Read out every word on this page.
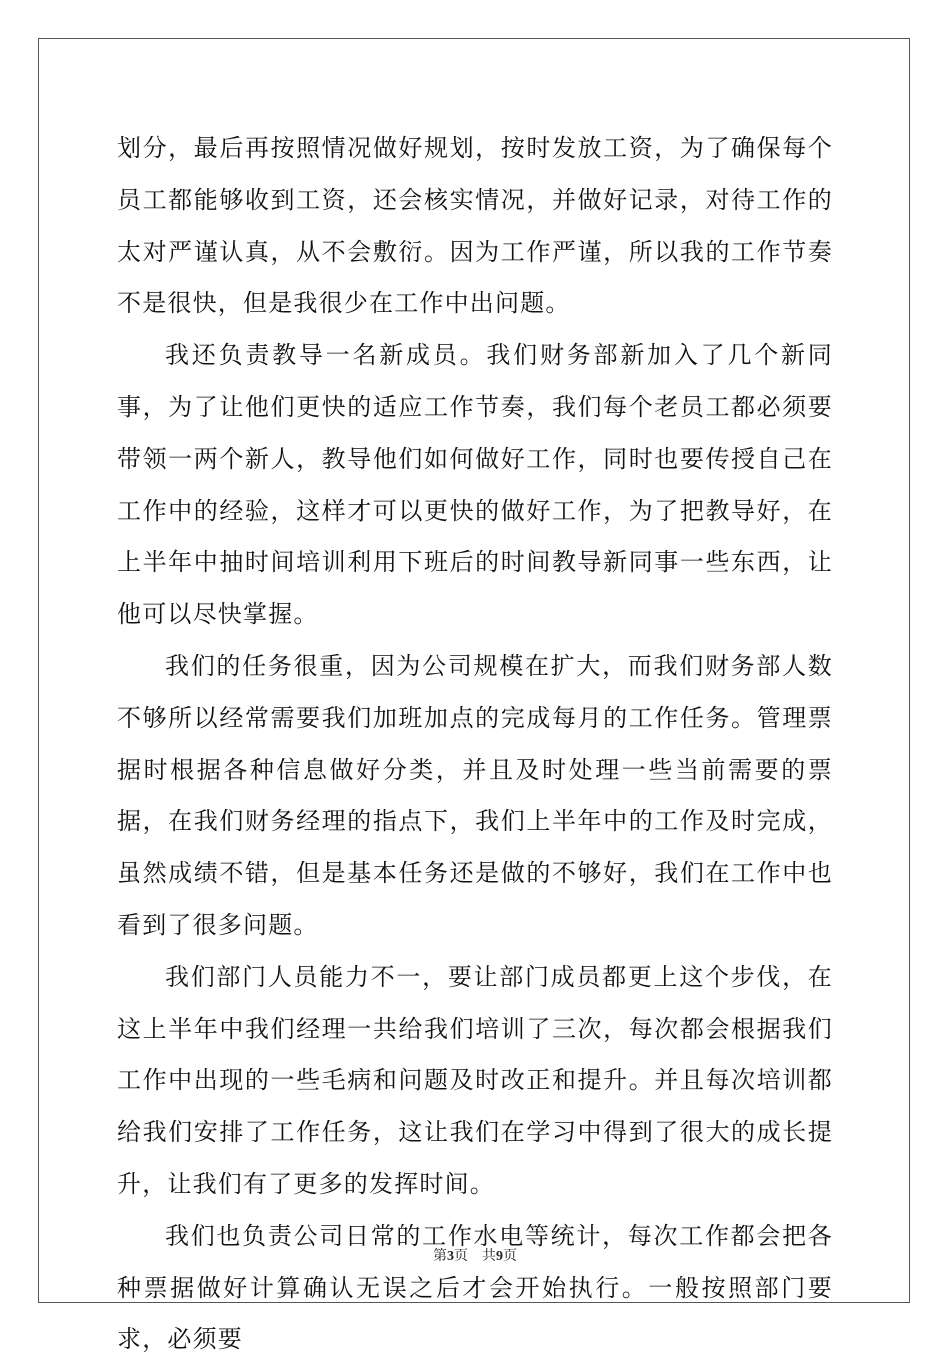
划分，最后再按照情况做好规划，按时发放工资，为了确保每个员工都能够收到工资，还会核实情况，并做好记录，对待工作的太对严谨认真，从不会敷衍。因为工作严谨，所以我的工作节奏不是很快，但是我很少在工作中出问题。

我还负责教导一名新成员。我们财务部新加入了几个新同事，为了让他们更快的适应工作节奏，我们每个老员工都必须要带领一两个新人，教导他们如何做好工作，同时也要传授自己在工作中的经验，这样才可以更快的做好工作，为了把教导好，在上半年中抽时间培训利用下班后的时间教导新同事一些东西，让他可以尽快掌握。

我们的任务很重，因为公司规模在扩大，而我们财务部人数不够所以经常需要我们加班加点的完成每月的工作任务。管理票据时根据各种信息做好分类，并且及时处理一些当前需要的票据，在我们财务经理的指点下，我们上半年中的工作及时完成，虽然成绩不错，但是基本任务还是做的不够好，我们在工作中也看到了很多问题。

我们部门人员能力不一，要让部门成员都更上这个步伐，在这上半年中我们经理一共给我们培训了三次，每次都会根据我们工作中出现的一些毛病和问题及时改正和提升。并且每次培训都给我们安排了工作任务，这让我们在学习中得到了很大的成长提升，让我们有了更多的发挥时间。

我们也负责公司日常的工作水电等统计，每次工作都会把各种票据做好计算确认无误之后才会开始执行。一般按照部门要求，必须要

第3页 共9页
